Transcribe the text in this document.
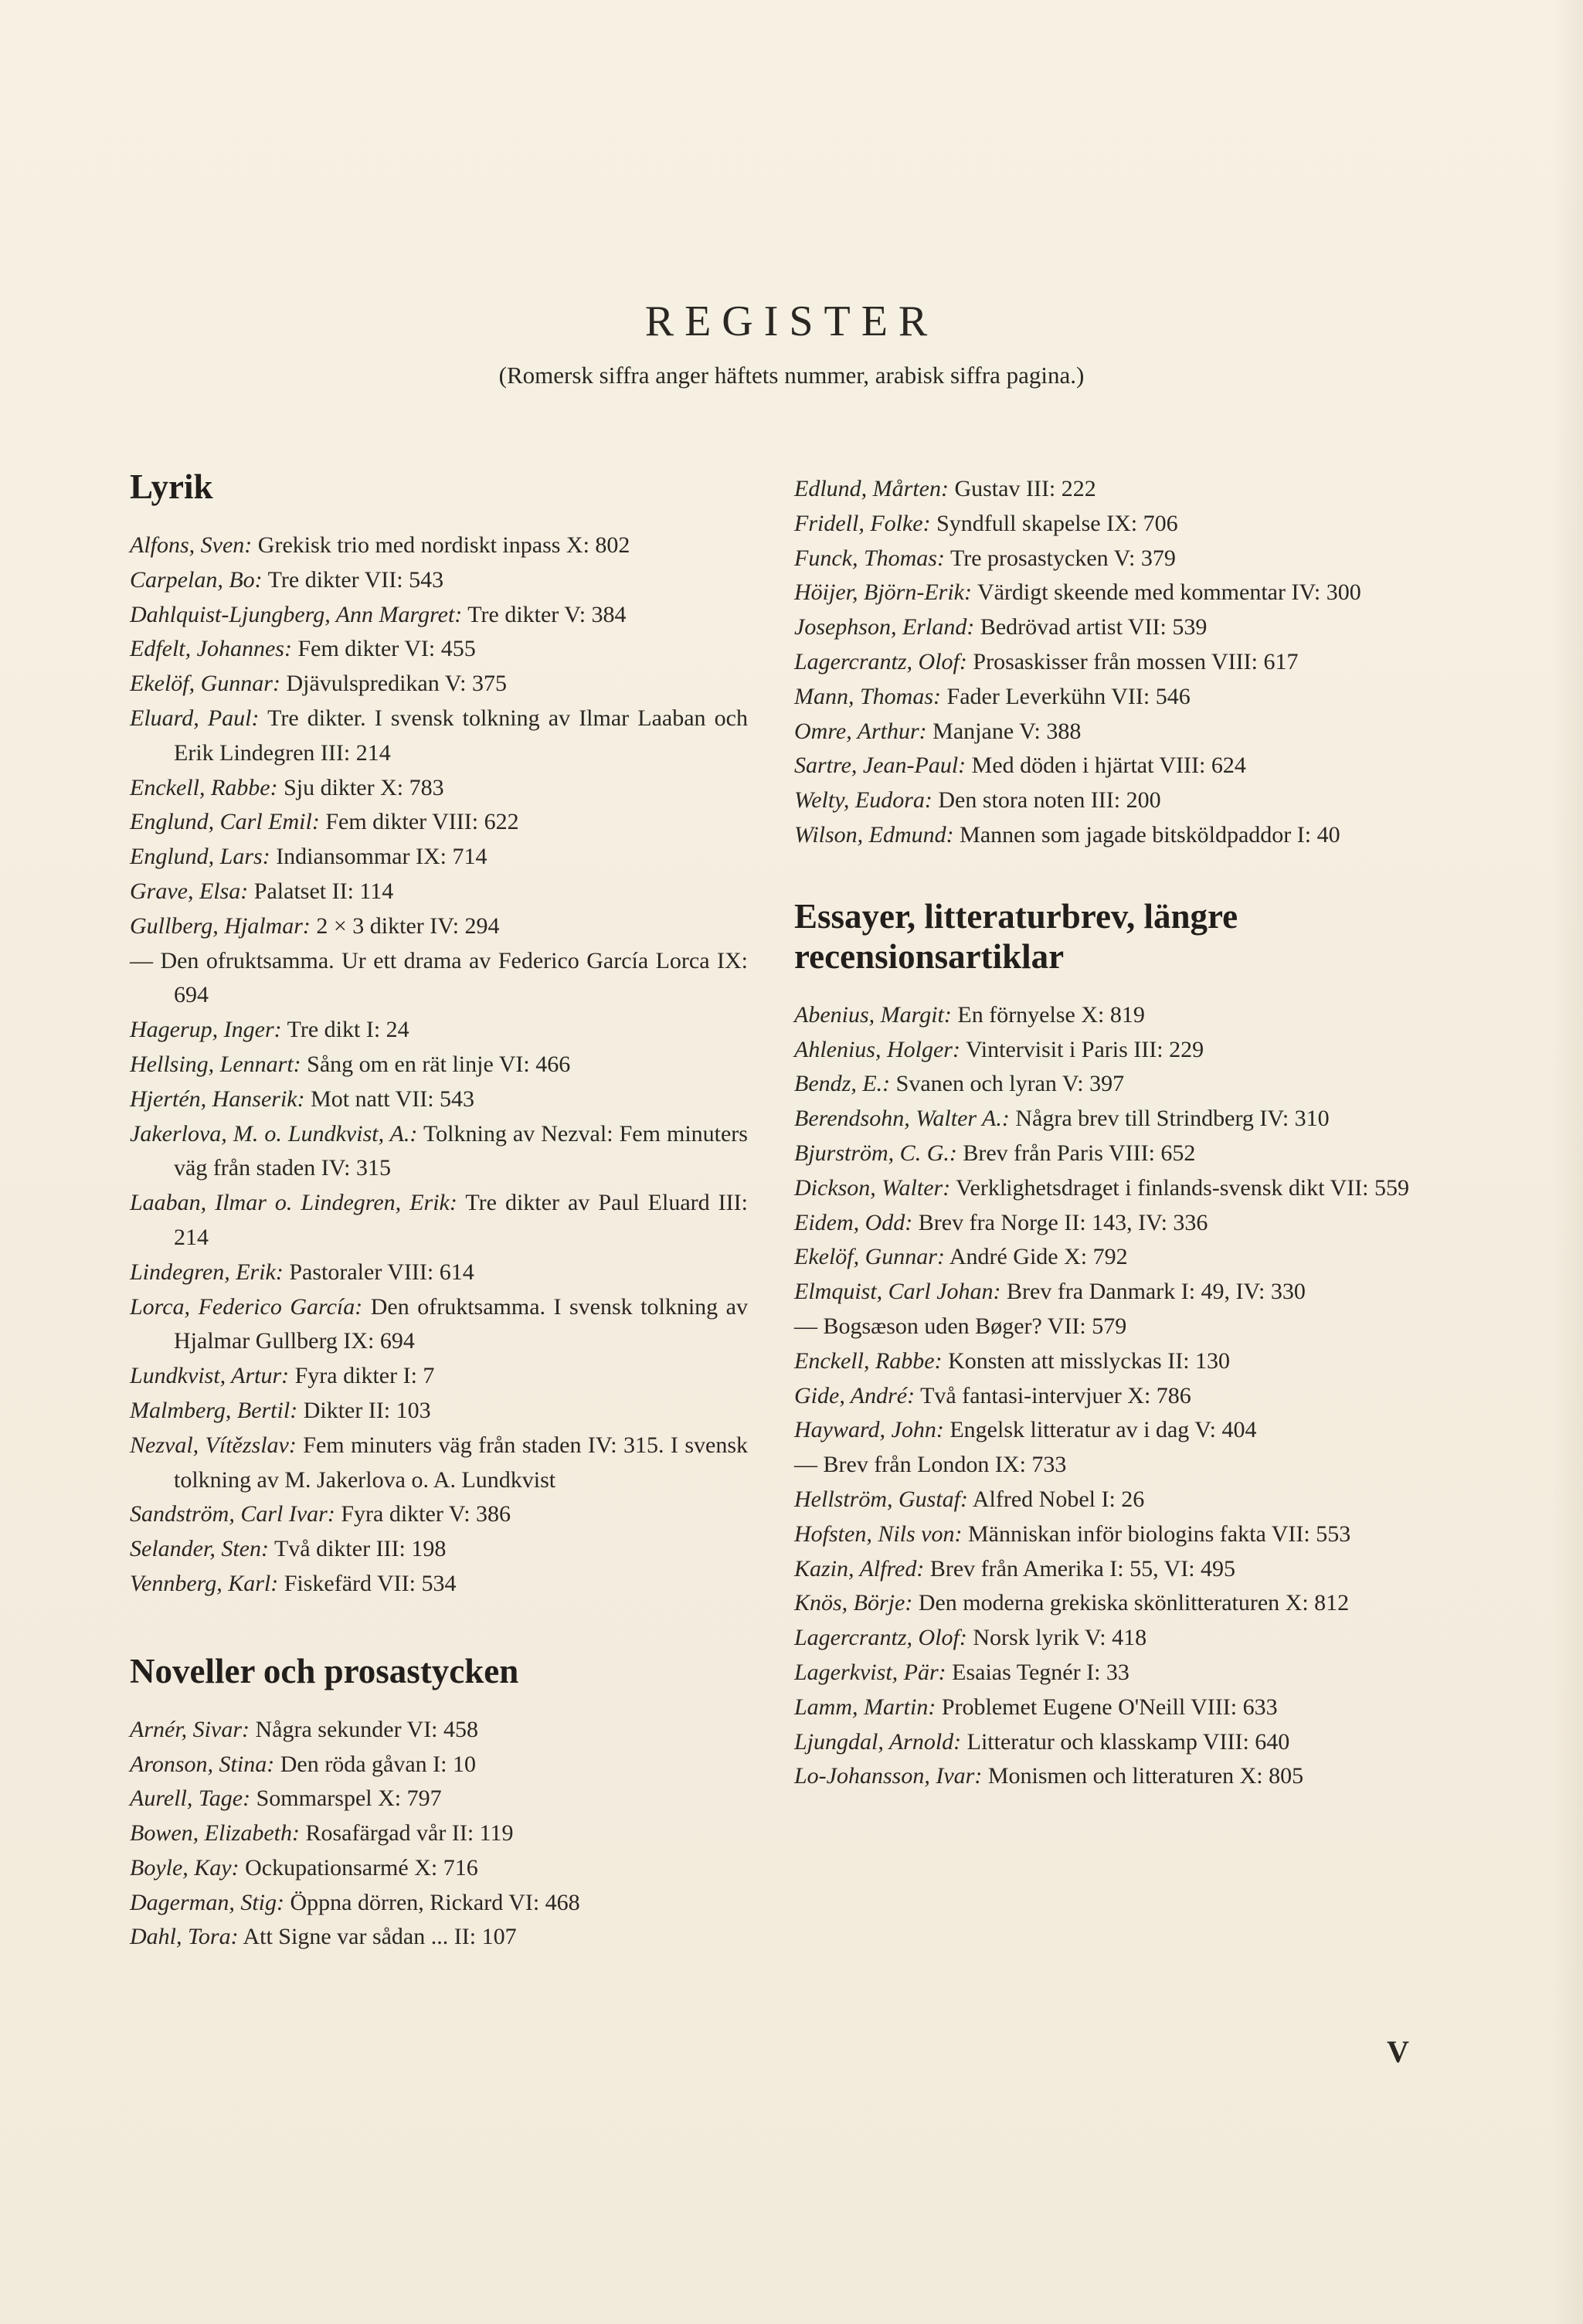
REGISTER

(Romersk siffra anger häftets nummer, arabisk siffra pagina.)

Lyrik
Alfons, Sven: Grekisk trio med nordiskt inpass X: 802
Carpelan, Bo: Tre dikter VII: 543
Dahlquist-Ljungberg, Ann Margret: Tre dikter V: 384
Edfelt, Johannes: Fem dikter VI: 455
Ekelöf, Gunnar: Djävulspredikan V: 375
Eluard, Paul: Tre dikter. I svensk tolkning av Ilmar Laaban och Erik Lindegren III: 214
Enckell, Rabbe: Sju dikter X: 783
Englund, Carl Emil: Fem dikter VIII: 622
Englund, Lars: Indiansommar IX: 714
Grave, Elsa: Palatset II: 114
Gullberg, Hjalmar: 2 × 3 dikter IV: 294
— Den ofruktsamma. Ur ett drama av Federico García Lorca IX: 694
Hagerup, Inger: Tre dikt I: 24
Hellsing, Lennart: Sång om en rät linje VI: 466
Hjertén, Hanserik: Mot natt VII: 543
Jakerlova, M. o. Lundkvist, A.: Tolkning av Nezval: Fem minuters väg från staden IV: 315
Laaban, Ilmar o. Lindegren, Erik: Tre dikter av Paul Eluard III: 214
Lindegren, Erik: Pastoraler VIII: 614
Lorca, Federico García: Den ofruktsamma. I svensk tolkning av Hjalmar Gullberg IX: 694
Lundkvist, Artur: Fyra dikter I: 7
Malmberg, Bertil: Dikter II: 103
Nezval, Vítězslav: Fem minuters väg från staden IV: 315. I svensk tolkning av M. Jakerlova o. A. Lundkvist
Sandström, Carl Ivar: Fyra dikter V: 386
Selander, Sten: Två dikter III: 198
Vennberg, Karl: Fiskefärd VII: 534
Noveller och prosastycken
Arnér, Sivar: Några sekunder VI: 458
Aronson, Stina: Den röda gåvan I: 10
Aurell, Tage: Sommarspel X: 797
Bowen, Elizabeth: Rosafärgad vår II: 119
Boyle, Kay: Ockupationsarmé X: 716
Dagerman, Stig: Öppna dörren, Rickard VI: 468
Dahl, Tora: Att Signe var sådan ... II: 107
Edlund, Mårten: Gustav III: 222
Fridell, Folke: Syndfull skapelse IX: 706
Funck, Thomas: Tre prosastycken V: 379
Höijer, Björn-Erik: Värdigt skeende med kommentar IV: 300
Josephson, Erland: Bedrövad artist VII: 539
Lagercrantz, Olof: Prosaskisser från mossen VIII: 617
Mann, Thomas: Fader Leverkühn VII: 546
Omre, Arthur: Manjane V: 388
Sartre, Jean-Paul: Med döden i hjärtat VIII: 624
Welty, Eudora: Den stora noten III: 200
Wilson, Edmund: Mannen som jagade bitsköldpaddor I: 40
Essayer, litteraturbrev, längre recensionsartiklar
Abenius, Margit: En förnyelse X: 819
Ahlenius, Holger: Vintervisit i Paris III: 229
Bendz, E.: Svanen och lyran V: 397
Berendsohn, Walter A.: Några brev till Strindberg IV: 310
Bjurström, C. G.: Brev från Paris VIII: 652
Dickson, Walter: Verklighetsdraget i finlands-svensk dikt VII: 559
Eidem, Odd: Brev fra Norge II: 143, IV: 336
Ekelöf, Gunnar: André Gide X: 792
Elmquist, Carl Johan: Brev fra Danmark I: 49, IV: 330
— Bogsæson uden Bøger? VII: 579
Enckell, Rabbe: Konsten att misslyckas II: 130
Gide, André: Två fantasi-intervjuer X: 786
Hayward, John: Engelsk litteratur av i dag V: 404
— Brev från London IX: 733
Hellström, Gustaf: Alfred Nobel I: 26
Hofsten, Nils von: Människan inför biologins fakta VII: 553
Kazin, Alfred: Brev från Amerika I: 55, VI: 495
Knös, Börje: Den moderna grekiska skönlitteraturen X: 812
Lagercrantz, Olof: Norsk lyrik V: 418
Lagerkvist, Pär: Esaias Tegnér I: 33
Lamm, Martin: Problemet Eugene O'Neill VIII: 633
Ljungdal, Arnold: Litteratur och klasskamp VIII: 640
Lo-Johansson, Ivar: Monismen och litteraturen X: 805
V
